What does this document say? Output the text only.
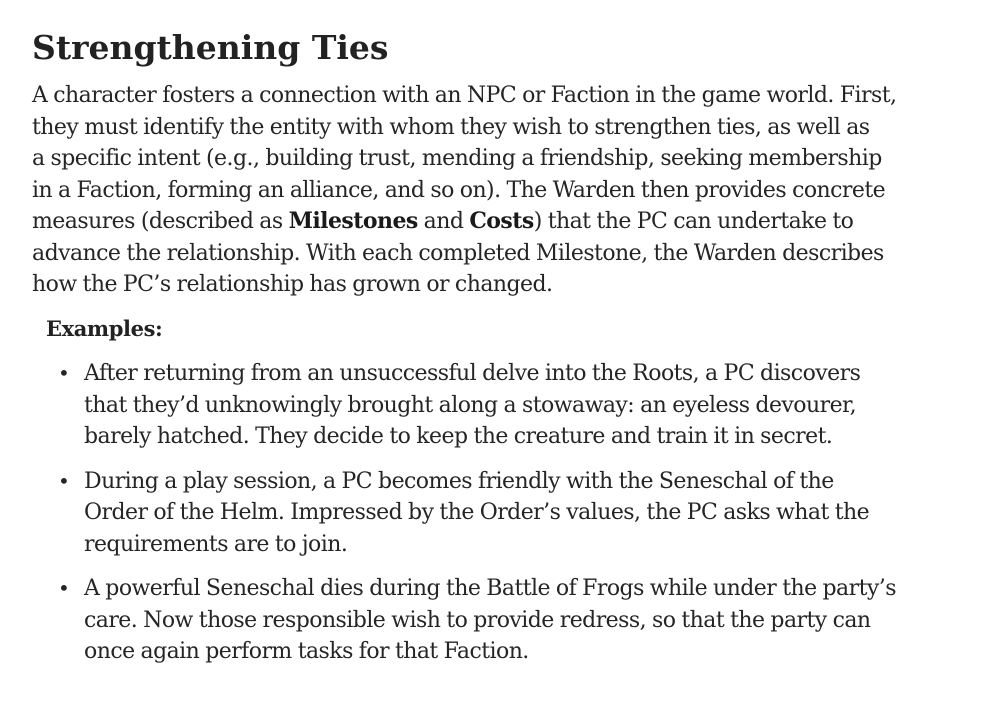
Strengthening Ties

A character fosters a connection with an NPC or Faction in the game world. First,
they must identify the entity with whom they wish to strengthen ties, as well as
a specific intent (e.g., building trust, mending a friendship, seeking membership
in a Faction, forming an alliance, and so on). The Warden then provides concrete
measures (described as Milestones and Costs) that the PC can undertake to
advance the relationship. With each completed Milestone, the Warden describes
how the PC’s relationship has grown or changed.

Examples:

• After returning from an unsuccessful delve into the Roots, a PC discovers
that they’d unknowingly brought along a stowaway: an eyeless devourer,
barely hatched. They decide to keep the creature and train it in secret.
• During a play session, a PC becomes friendly with the Seneschal of the
Order of the Helm. Impressed by the Order’s values, the PC asks what the
requirements are to join.
• A powerful Seneschal dies during the Battle of Frogs while under the party’s
care. Now those responsible wish to provide redress, so that the party can
once again perform tasks for that Faction.
